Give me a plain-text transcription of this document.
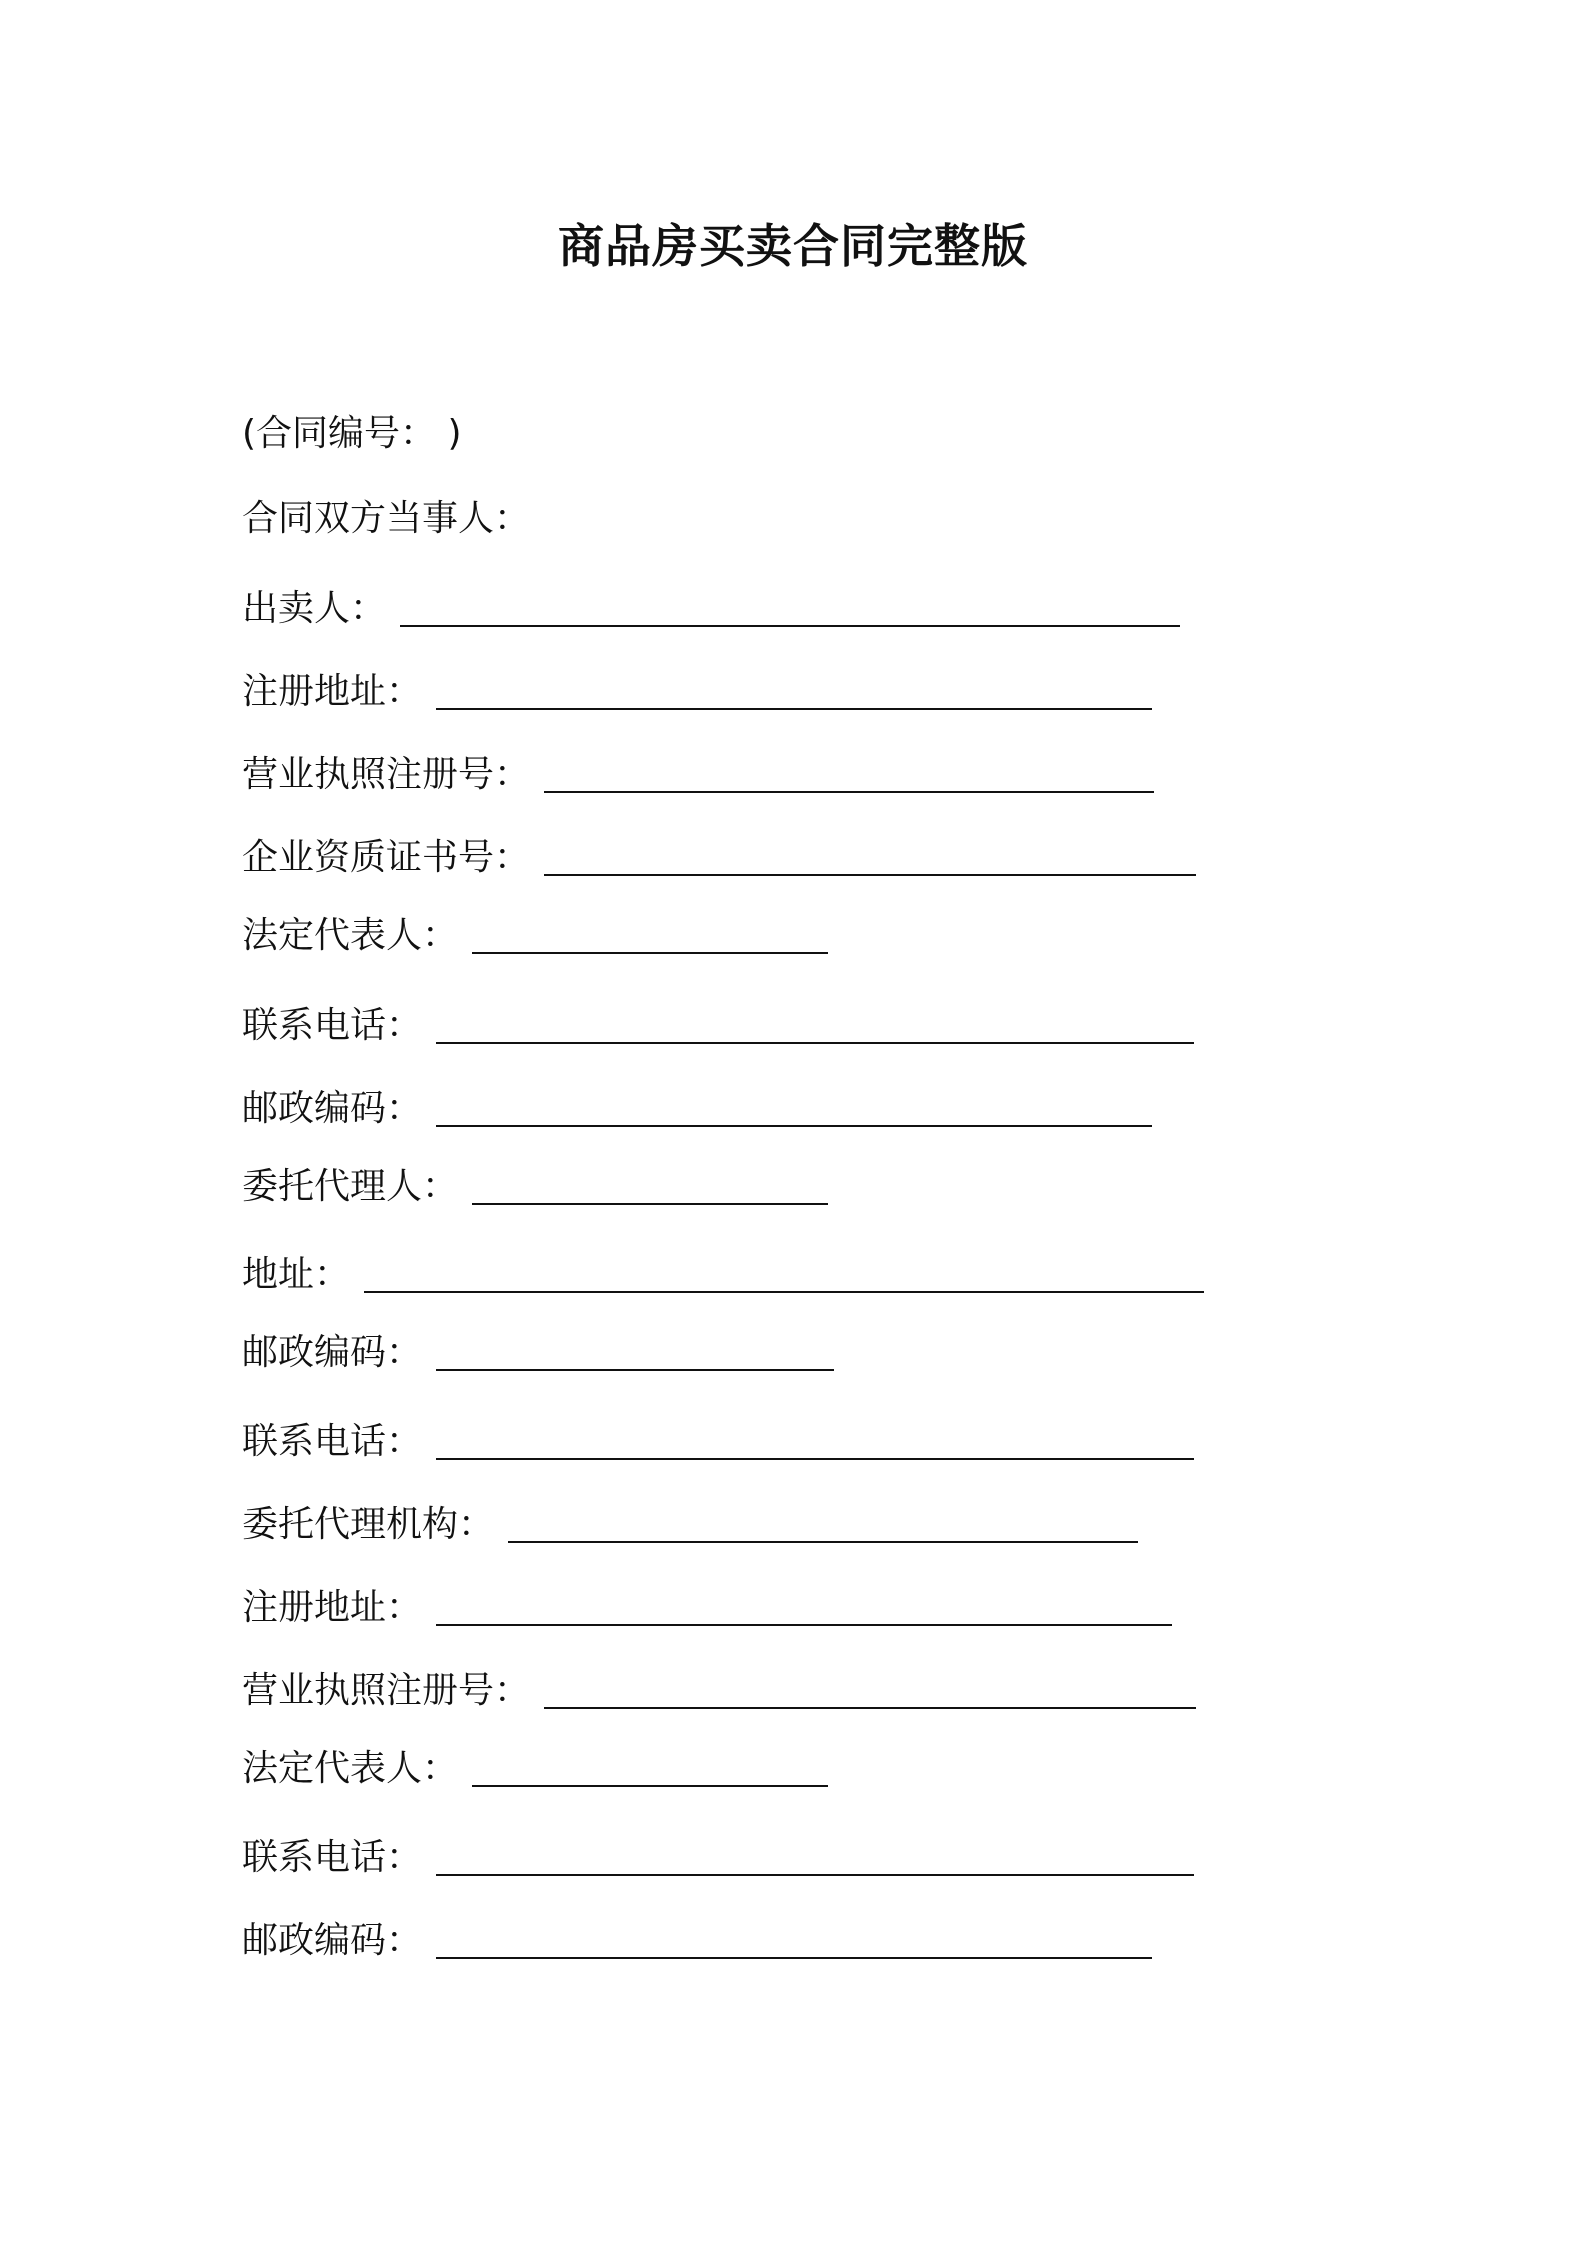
商品房买卖合同完整版
(合同编号： )
合同双方当事人：
出卖人：
注册地址：
营业执照注册号：
企业资质证书号：
法定代表人：
联系电话：
邮政编码：
委托代理人：
地址：
邮政编码：
联系电话：
委托代理机构：
注册地址：
营业执照注册号：
法定代表人：
联系电话：
邮政编码：
